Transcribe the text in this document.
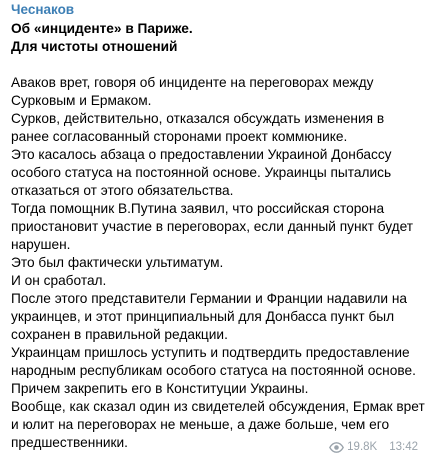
Чеснаков
Об «инциденте» в Париже.
Для чистоты отношений
Аваков врет, говоря об инциденте на переговорах между
Сурковым и Ермаком.
Сурков, действительно, отказался обсуждать изменения в
ранее согласованный сторонами проект коммюнике.
Это касалось абзаца о предоставлении Украиной Донбассу
особого статуса на постоянной основе. Украинцы пытались
отказаться от этого обязательства.
Тогда помощник В.Путина заявил, что российская сторона
приостановит участие в переговорах, если данный пункт будет
нарушен.
Это был фактически ультиматум.
И он сработал.
После этого представители Германии и Франции надавили на
украинцев, и этот принципиальный для Донбасса пункт был
сохранен в правильной редакции.
Украинцам пришлось уступить и подтвердить предоставление
народным республикам особого статуса на постоянной основе.
Причем закрепить его в Конституции Украины.
Вообще, как сказал один из свидетелей обсуждения, Ермак врет
и юлит на переговорах не меньше, а даже больше, чем его
предшественники.	19.8K 13:42
